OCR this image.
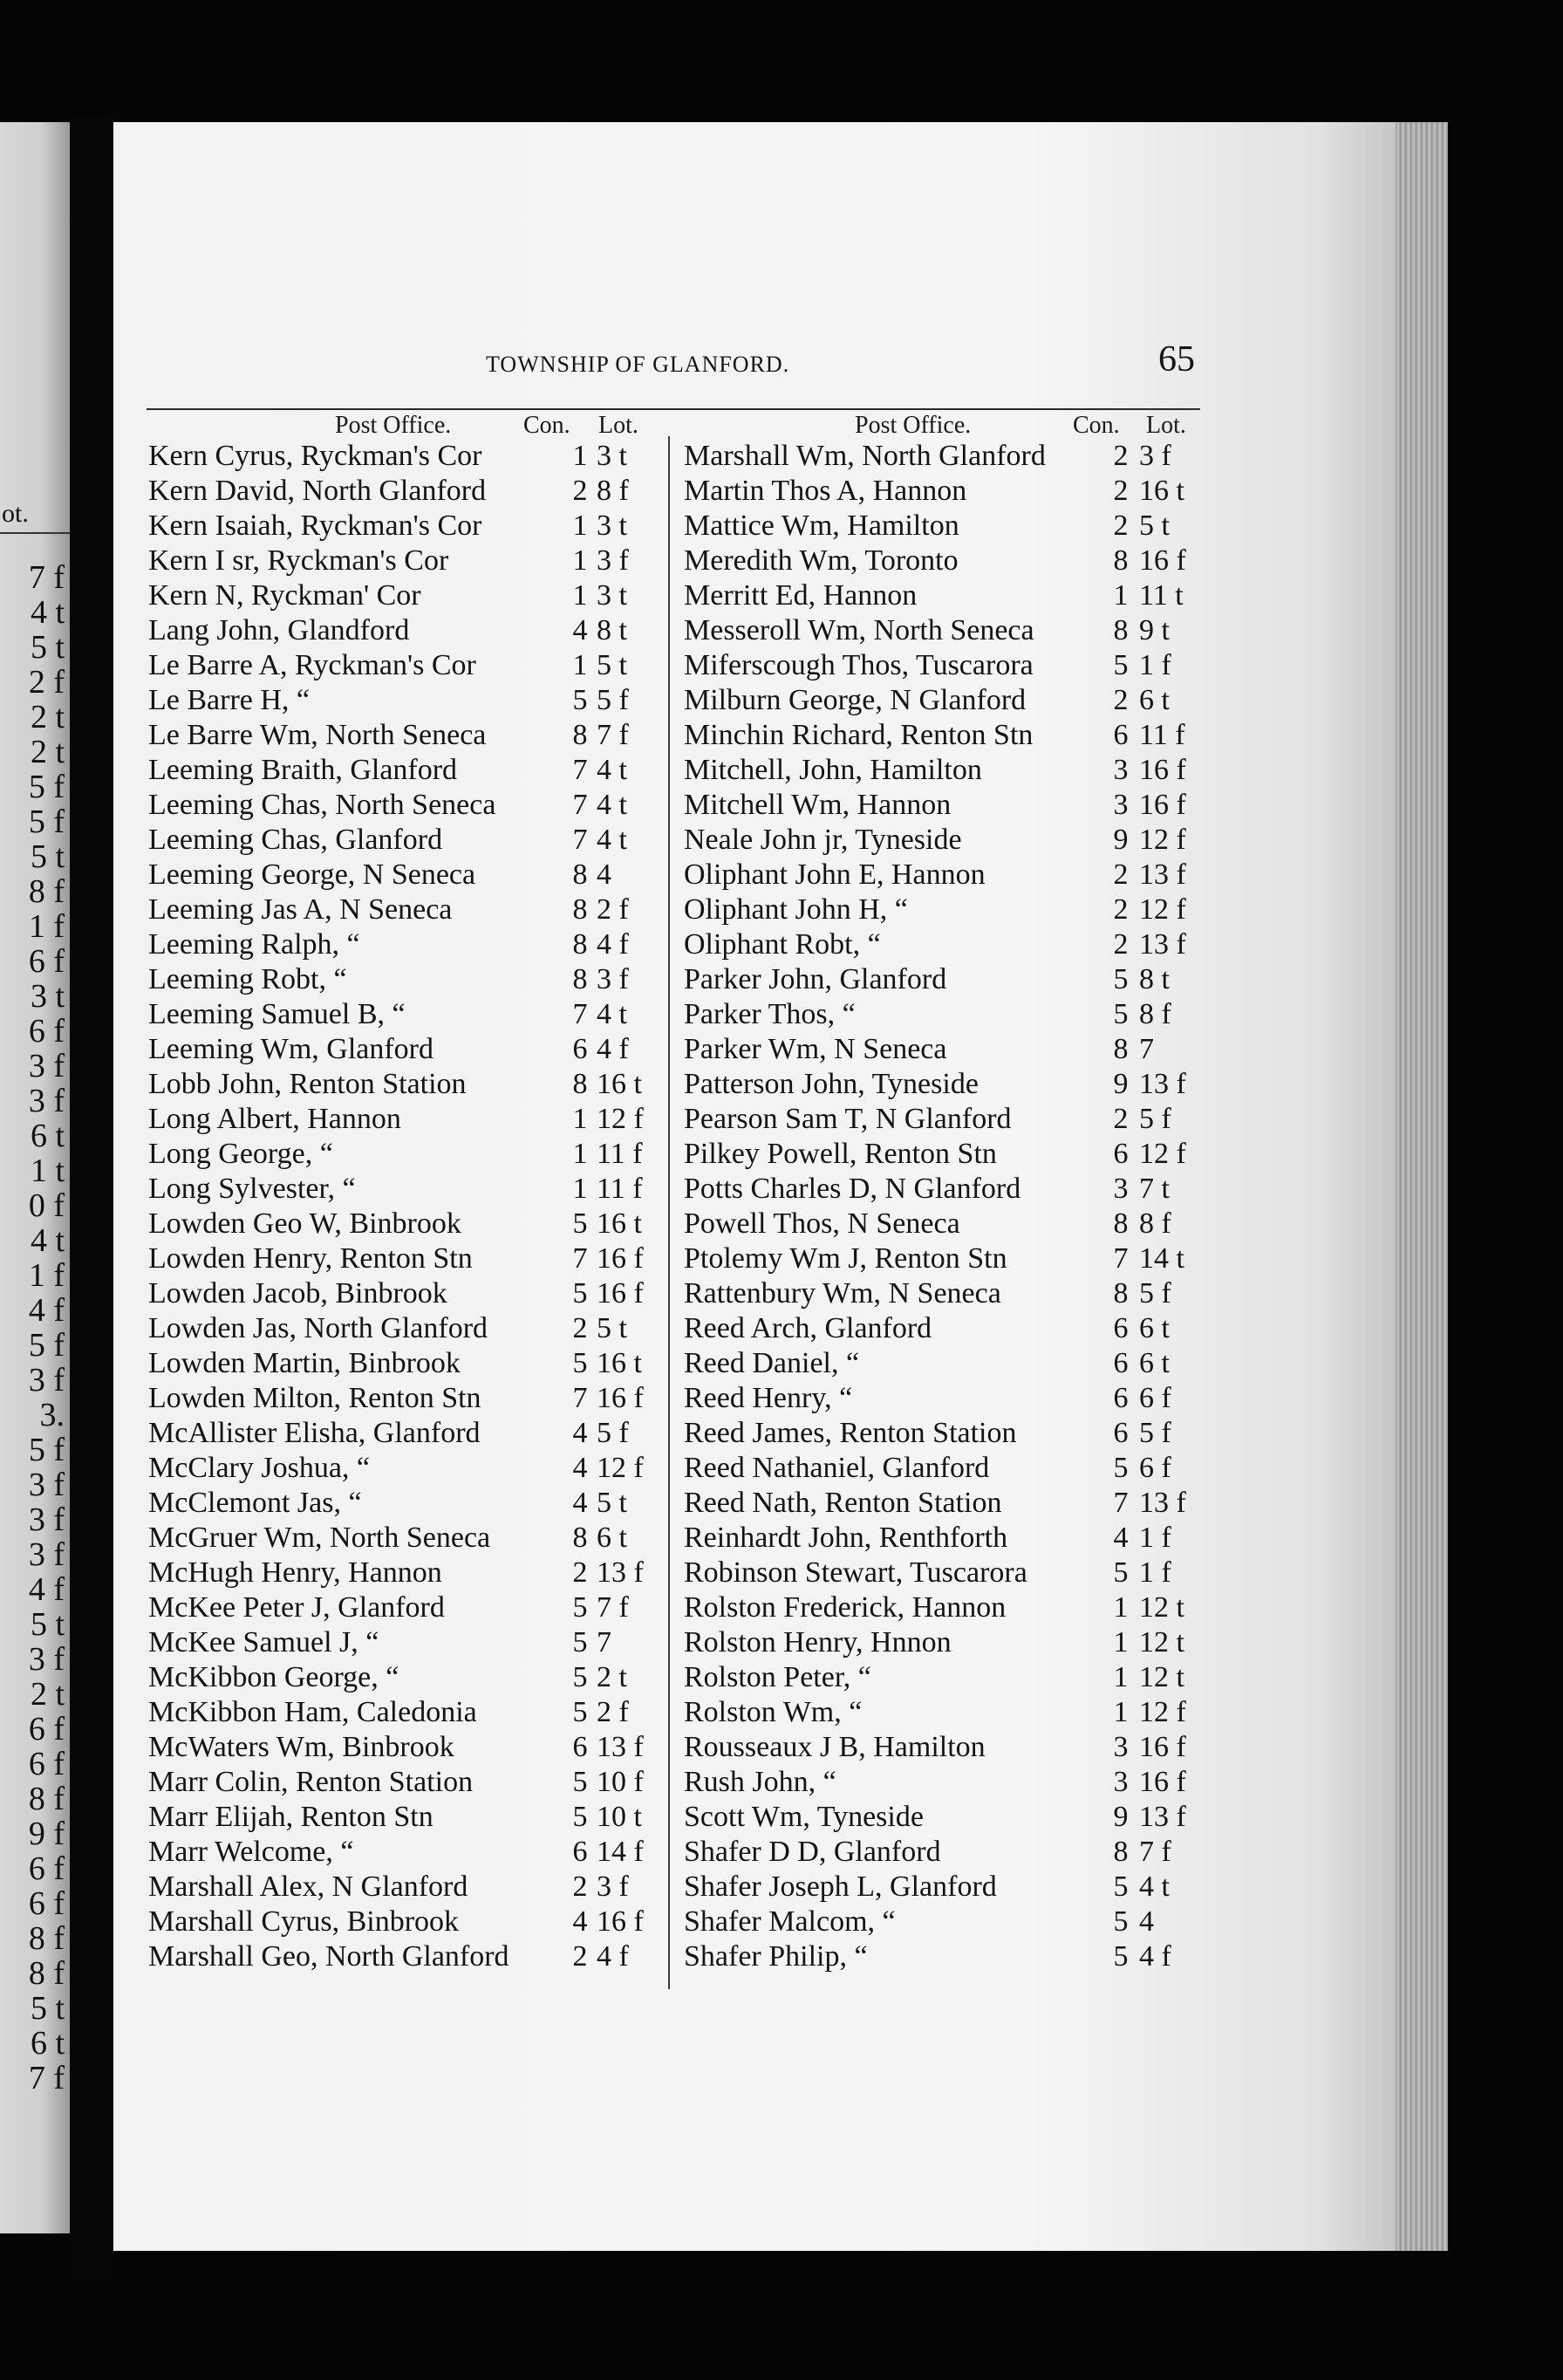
ot.
7 f
4 t
5 t
2 f
2 t
2 t
5 f
5 f
5 t
8 f
1 f
6 f
3 t
6 f
3 f
3 f
6 t
1 t
0 f
4 t
1 f
4 f
5 f
3 f
3.
5 f
3 f
3 f
3 f
4 f
5 t
3 f
2 t
6 f
6 f
8 f
9 f
6 f
6 f
8 f
8 f
5 t
6 t
7 f
TOWNSHIP OF GLANFORD.	65
Post Office.	Con. Lot.
Kern Cyrus, Ryckman's Cor	1 3 t
Kern David, North Glanford	2 8 f
Kern Isaiah, Ryckman's Cor	1 3 t
Kern I sr, Ryckman's Cor	1 3 f
Kern N, Ryckman' Cor	1 3 t
Lang John, Glandford	4 8 t
Le Barre A, Ryckman's Cor	1 5 t
Le Barre H, “	5 5 f
Le Barre Wm, North Seneca	8 7 f
Leeming Braith, Glanford	7 4 t
Leeming Chas, North Seneca	7 4 t
Leeming Chas, Glanford	7 4 t
Leeming George, N Seneca	8 4
Leeming Jas A, N Seneca	8 2 f
Leeming Ralph, “	8 4 f
Leeming Robt, “	8 3 f
Leeming Samuel B, “	7 4 t
Leeming Wm, Glanford	6 4 f
Lobb John, Renton Station	8 16 t
Long Albert, Hannon	1 12 f
Long George, “	1 11 f
Long Sylvester, “	1 11 f
Lowden Geo W, Binbrook	5 16 t
Lowden Henry, Renton Stn	7 16 f
Lowden Jacob, Binbrook	5 16 f
Lowden Jas, North Glanford	2 5 t
Lowden Martin, Binbrook	5 16 t
Lowden Milton, Renton Stn	7 16 f
McAllister Elisha, Glanford	4 5 f
McClary Joshua, “	4 12 f
McClemont Jas, “	4 5 t
McGruer Wm, North Seneca	8 6 t
McHugh Henry, Hannon	2 13 f
McKee Peter J, Glanford	5 7 f
McKee Samuel J, “	5 7
McKibbon George, “	5 2 t
McKibbon Ham, Caledonia	5 2 f
McWaters Wm, Binbrook	6 13 f
Marr Colin, Renton Station	5 10 f
Marr Elijah, Renton Stn	5 10 t
Marr Welcome, “	6 14 f
Marshall Alex, N Glanford	2 3 f
Marshall Cyrus, Binbrook	4 16 f
Marshall Geo, North Glanford 2 4 f
Post Office.	Con. Lot.
Marshall Wm, North Glanford 2 3 f
Martin Thos A, Hannon	2 16 t
Mattice Wm, Hamilton	2 5 t
Meredith Wm, Toronto	8 16 f
Merritt Ed, Hannon	1 11 t
Messeroll Wm, North Seneca	8 9 t
Miferscough Thos, Tuscarora	5 1 f
Milburn George, N Glanford	2 6 t
Minchin Richard, Renton Stn	6 11 f
Mitchell, John, Hamilton	3 16 f
Mitchell Wm, Hannon	3 16 f
Neale John jr, Tyneside	9 12 f
Oliphant John E, Hannon	2 13 f
Oliphant John H, “	2 12 f
Oliphant Robt, “	2 13 f
Parker John, Glanford	5 8 t
Parker Thos, “	5 8 f
Parker Wm, N Seneca	8 7
Patterson John, Tyneside	9 13 f
Pearson Sam T, N Glanford	2 5 f
Pilkey Powell, Renton Stn	6 12 f
Potts Charles D, N Glanford	3 7 t
Powell Thos, N Seneca	8 8 f
Ptolemy Wm J, Renton Stn	7 14 t
Rattenbury Wm, N Seneca	8 5 f
Reed Arch, Glanford	6 6 t
Reed Daniel, “	6 6 t
Reed Henry, “	6 6 f
Reed James, Renton Station	6 5 f
Reed Nathaniel, Glanford	5 6 f
Reed Nath, Renton Station	7 13 f
Reinhardt John, Renthforth	4 1 f
Robinson Stewart, Tuscarora	5 1 f
Rolston Frederick, Hannon	1 12 t
Rolston Henry, Hnnon	1 12 t
Rolston Peter, “	1 12 t
Rolston Wm, “	1 12 f
Rousseaux J B, Hamilton	3 16 f
Rush John, “	3 16 f
Scott Wm, Tyneside	9 13 f
Shafer D D, Glanford	8 7 f
Shafer Joseph L, Glanford	5 4 t
Shafer Malcom, “	5 4
Shafer Philip, “	5 4 f
